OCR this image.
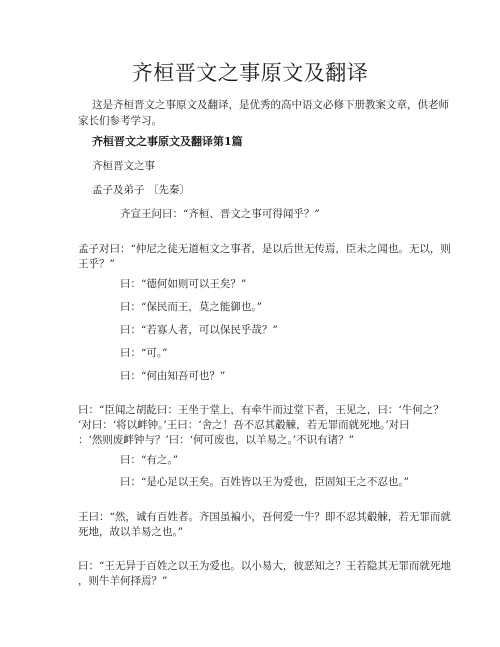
齐桓晋文之事原文及翻译

这是齐桓晋文之事原文及翻译，是优秀的高中语文必修下册教案文章，供老师

家长们参考学习。

齐桓晋文之事原文及翻译第1篇

齐桓晋文之事

孟子及弟子 〔先秦〕

齐宣王问曰：“齐桓、晋文之事可得闻乎？”

孟子对曰：“仲尼之徒无道桓文之事者，是以后世无传焉，臣未之闻也。无以，则

王乎？”

曰：“德何如则可以王矣？”

曰：“保民而王，莫之能御也。”

曰：“若寡人者，可以保民乎哉？”

曰：“可。”

曰：“何由知吾可也？”

曰：“臣闻之胡龁曰：王坐于堂上，有牵牛而过堂下者，王见之，曰：‘牛何之？

’对曰：‘将以衅钟。’王曰：‘舍之！吾不忍其觳觫，若无罪而就死地。’对曰

：‘然则废衅钟与？’曰：‘何可废也，以羊易之。’不识有诸？”

曰：“有之。”

曰：“是心足以王矣。百姓皆以王为爱也，臣固知王之不忍也。”

王曰：“然，诚有百姓者。齐国虽褊小，吾何爱一牛？即不忍其觳觫，若无罪而就

死地，故以羊易之也。”

曰：“王无异于百姓之以王为爱也。以小易大，彼恶知之？王若隐其无罪而就死地

，则牛羊何择焉？”
